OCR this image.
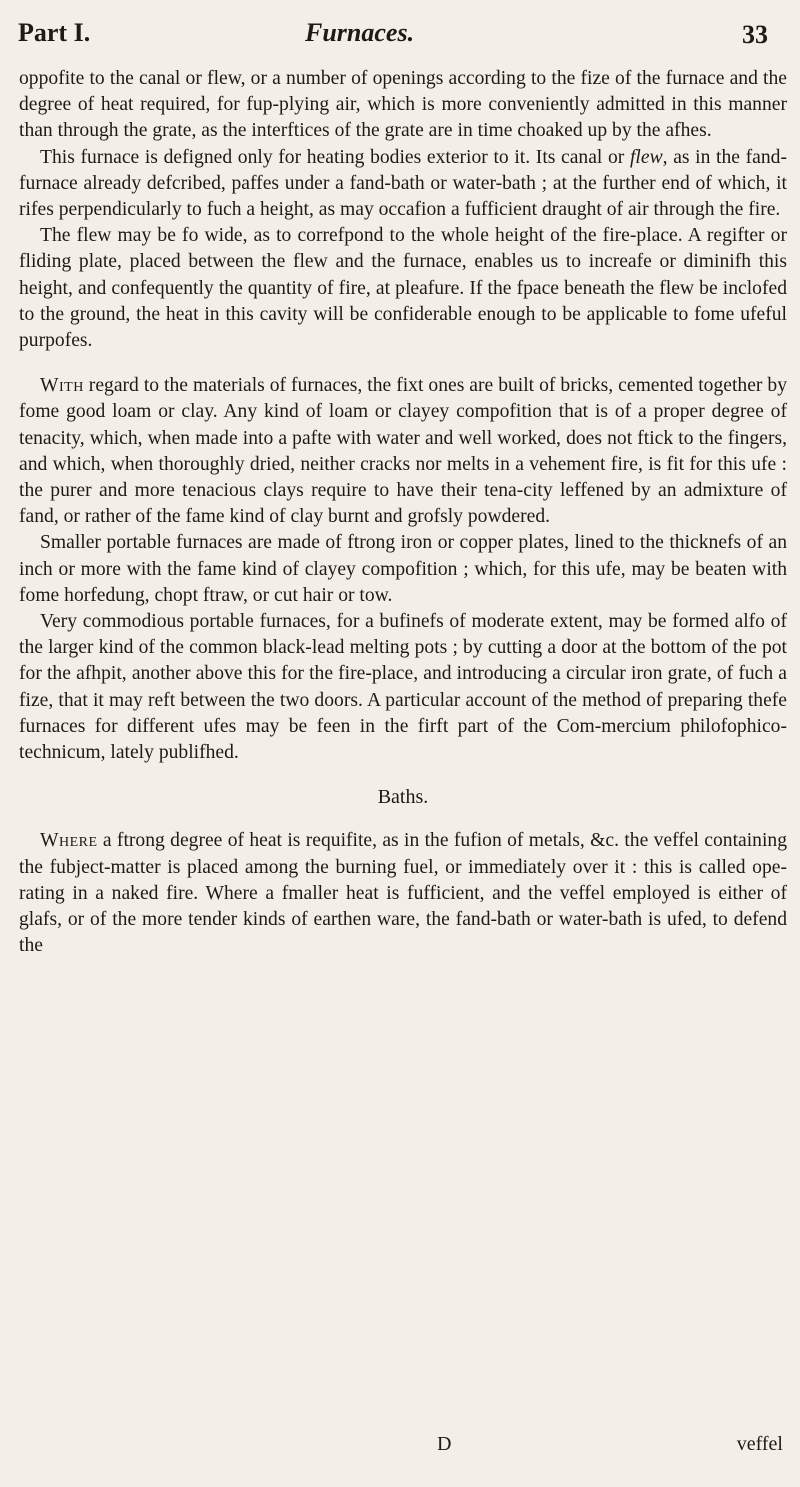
Part I.	Furnaces.	33

oppofite to the canal or flew, or a number of openings according to the fize of the furnace and the degree of heat required, for fup-plying air, which is more conveniently admitted in this manner than through the grate, as the interftices of the grate are in time choaked up by the afhes.

This furnace is defigned only for heating bodies exterior to it. Its canal or flew, as in the fand-furnace already defcribed, paffes under a fand-bath or water-bath ; at the further end of which, it rifes perpendicularly to fuch a height, as may occafion a fufficient draught of air through the fire.

The flew may be fo wide, as to correfpond to the whole height of the fire-place. A regifter or fliding plate, placed between the flew and the furnace, enables us to increafe or diminifh this height, and confequently the quantity of fire, at pleafure. If the fpace beneath the flew be inclofed to the ground, the heat in this cavity will be confiderable enough to be applicable to fome ufeful purpofes.

With regard to the materials of furnaces, the fixt ones are built of bricks, cemented together by fome good loam or clay. Any kind of loam or clayey compofition that is of a proper degree of tenacity, which, when made into a pafte with water and well worked, does not ftick to the fingers, and which, when thoroughly dried, neither cracks nor melts in a vehement fire, is fit for this ufe : the purer and more tenacious clays require to have their tena-city leffened by an admixture of fand, or rather of the fame kind of clay burnt and grofsly powdered.

Smaller portable furnaces are made of ftrong iron or copper plates, lined to the thicknefs of an inch or more with the fame kind of clayey compofition ; which, for this ufe, may be beaten with fome horfedung, chopt ftraw, or cut hair or tow.

Very commodious portable furnaces, for a bufinefs of moderate extent, may be formed alfo of the larger kind of the common black-lead melting pots ; by cutting a door at the bottom of the pot for the afhpit, another above this for the fire-place, and introducing a circular iron grate, of fuch a fize, that it may reft between the two doors. A particular account of the method of preparing thefe furnaces for different ufes may be feen in the firft part of the Com-mercium philofophico-technicum, lately publifhed.

Baths.

Where a ftrong degree of heat is requifite, as in the fufion of metals, &c. the veffel containing the fubject-matter is placed among the burning fuel, or immediately over it : this is called ope-rating in a naked fire. Where a fmaller heat is fufficient, and the veffel employed is either of glafs, or of the more tender kinds of earthen ware, the fand-bath or water-bath is ufed, to defend the

D	veffel
